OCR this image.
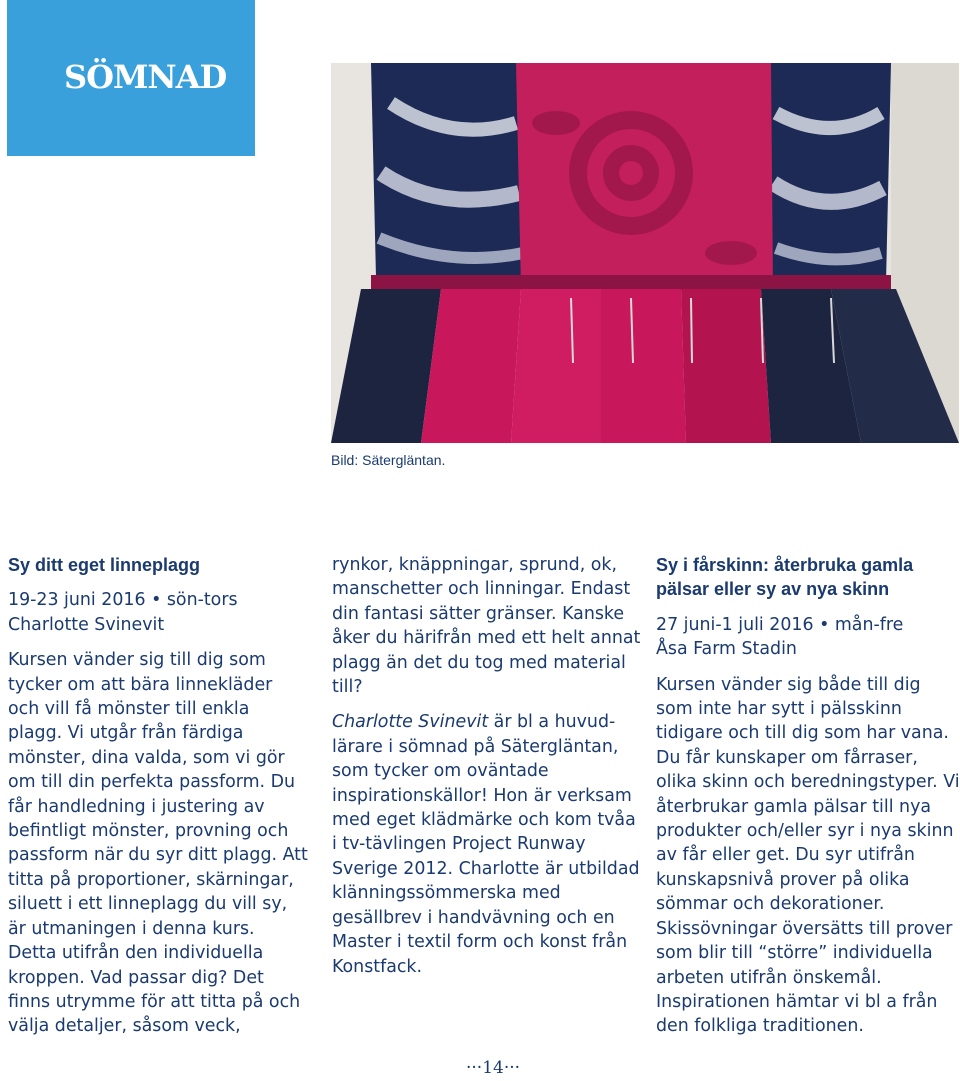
SÖMNAD
Bild: Sätergläntan.

Sy ditt eget linneplagg

19-23 juni 2016 • sön-tors

Charlotte Svinevit

Kursen vänder sig till dig som tycker om att bära linnekläder och vill få mönster till enkla plagg. Vi utgår från färdiga mönster, dina valda, som vi gör om till din perfekta passform. Du får handledning i justering av befintligt mönster, provning och passform när du syr ditt plagg. Att titta på proportioner, skärningar, siluett i ett linneplagg du vill sy, är utmaningen i denna kurs. Detta utifrån den individuella kroppen. Vad passar dig? Det finns utrymme för att titta på och välja detaljer, såsom veck,

rynkor, knäppningar, sprund, ok, manschetter och linningar. Endast din fantasi sätter gränser. Kanske åker du härifrån med ett helt annat plagg än det du tog med material till?

Charlotte Svinevit är bl a huvud-lärare i sömnad på Sätergläntan, som tycker om oväntade inspirationskällor! Hon är verksam med eget klädmärke och kom tvåa i tv-tävlingen Project Runway Sverige 2012. Charlotte är utbildad klänningssömmerska med gesällbrev i handvävning och en Master i textil form och konst från Konstfack.

Sy i fårskinn: återbruka gamla pälsar eller sy av nya skinn

27 juni-1 juli 2016 • mån-fre

Åsa Farm Stadin

Kursen vänder sig både till dig som inte har sytt i pälsskinn tidigare och till dig som har vana. Du får kunskaper om fårraser, olika skinn och beredningstyper. Vi återbrukar gamla pälsar till nya produkter och/eller syr i nya skinn av får eller get. Du syr utifrån kunskapsnivå prover på olika sömmar och dekorationer. Skissövningar översätts till prover som blir till “större” individuella arbeten utifrån önskemål. Inspirationen hämtar vi bl a från den folkliga traditionen.

···14···
